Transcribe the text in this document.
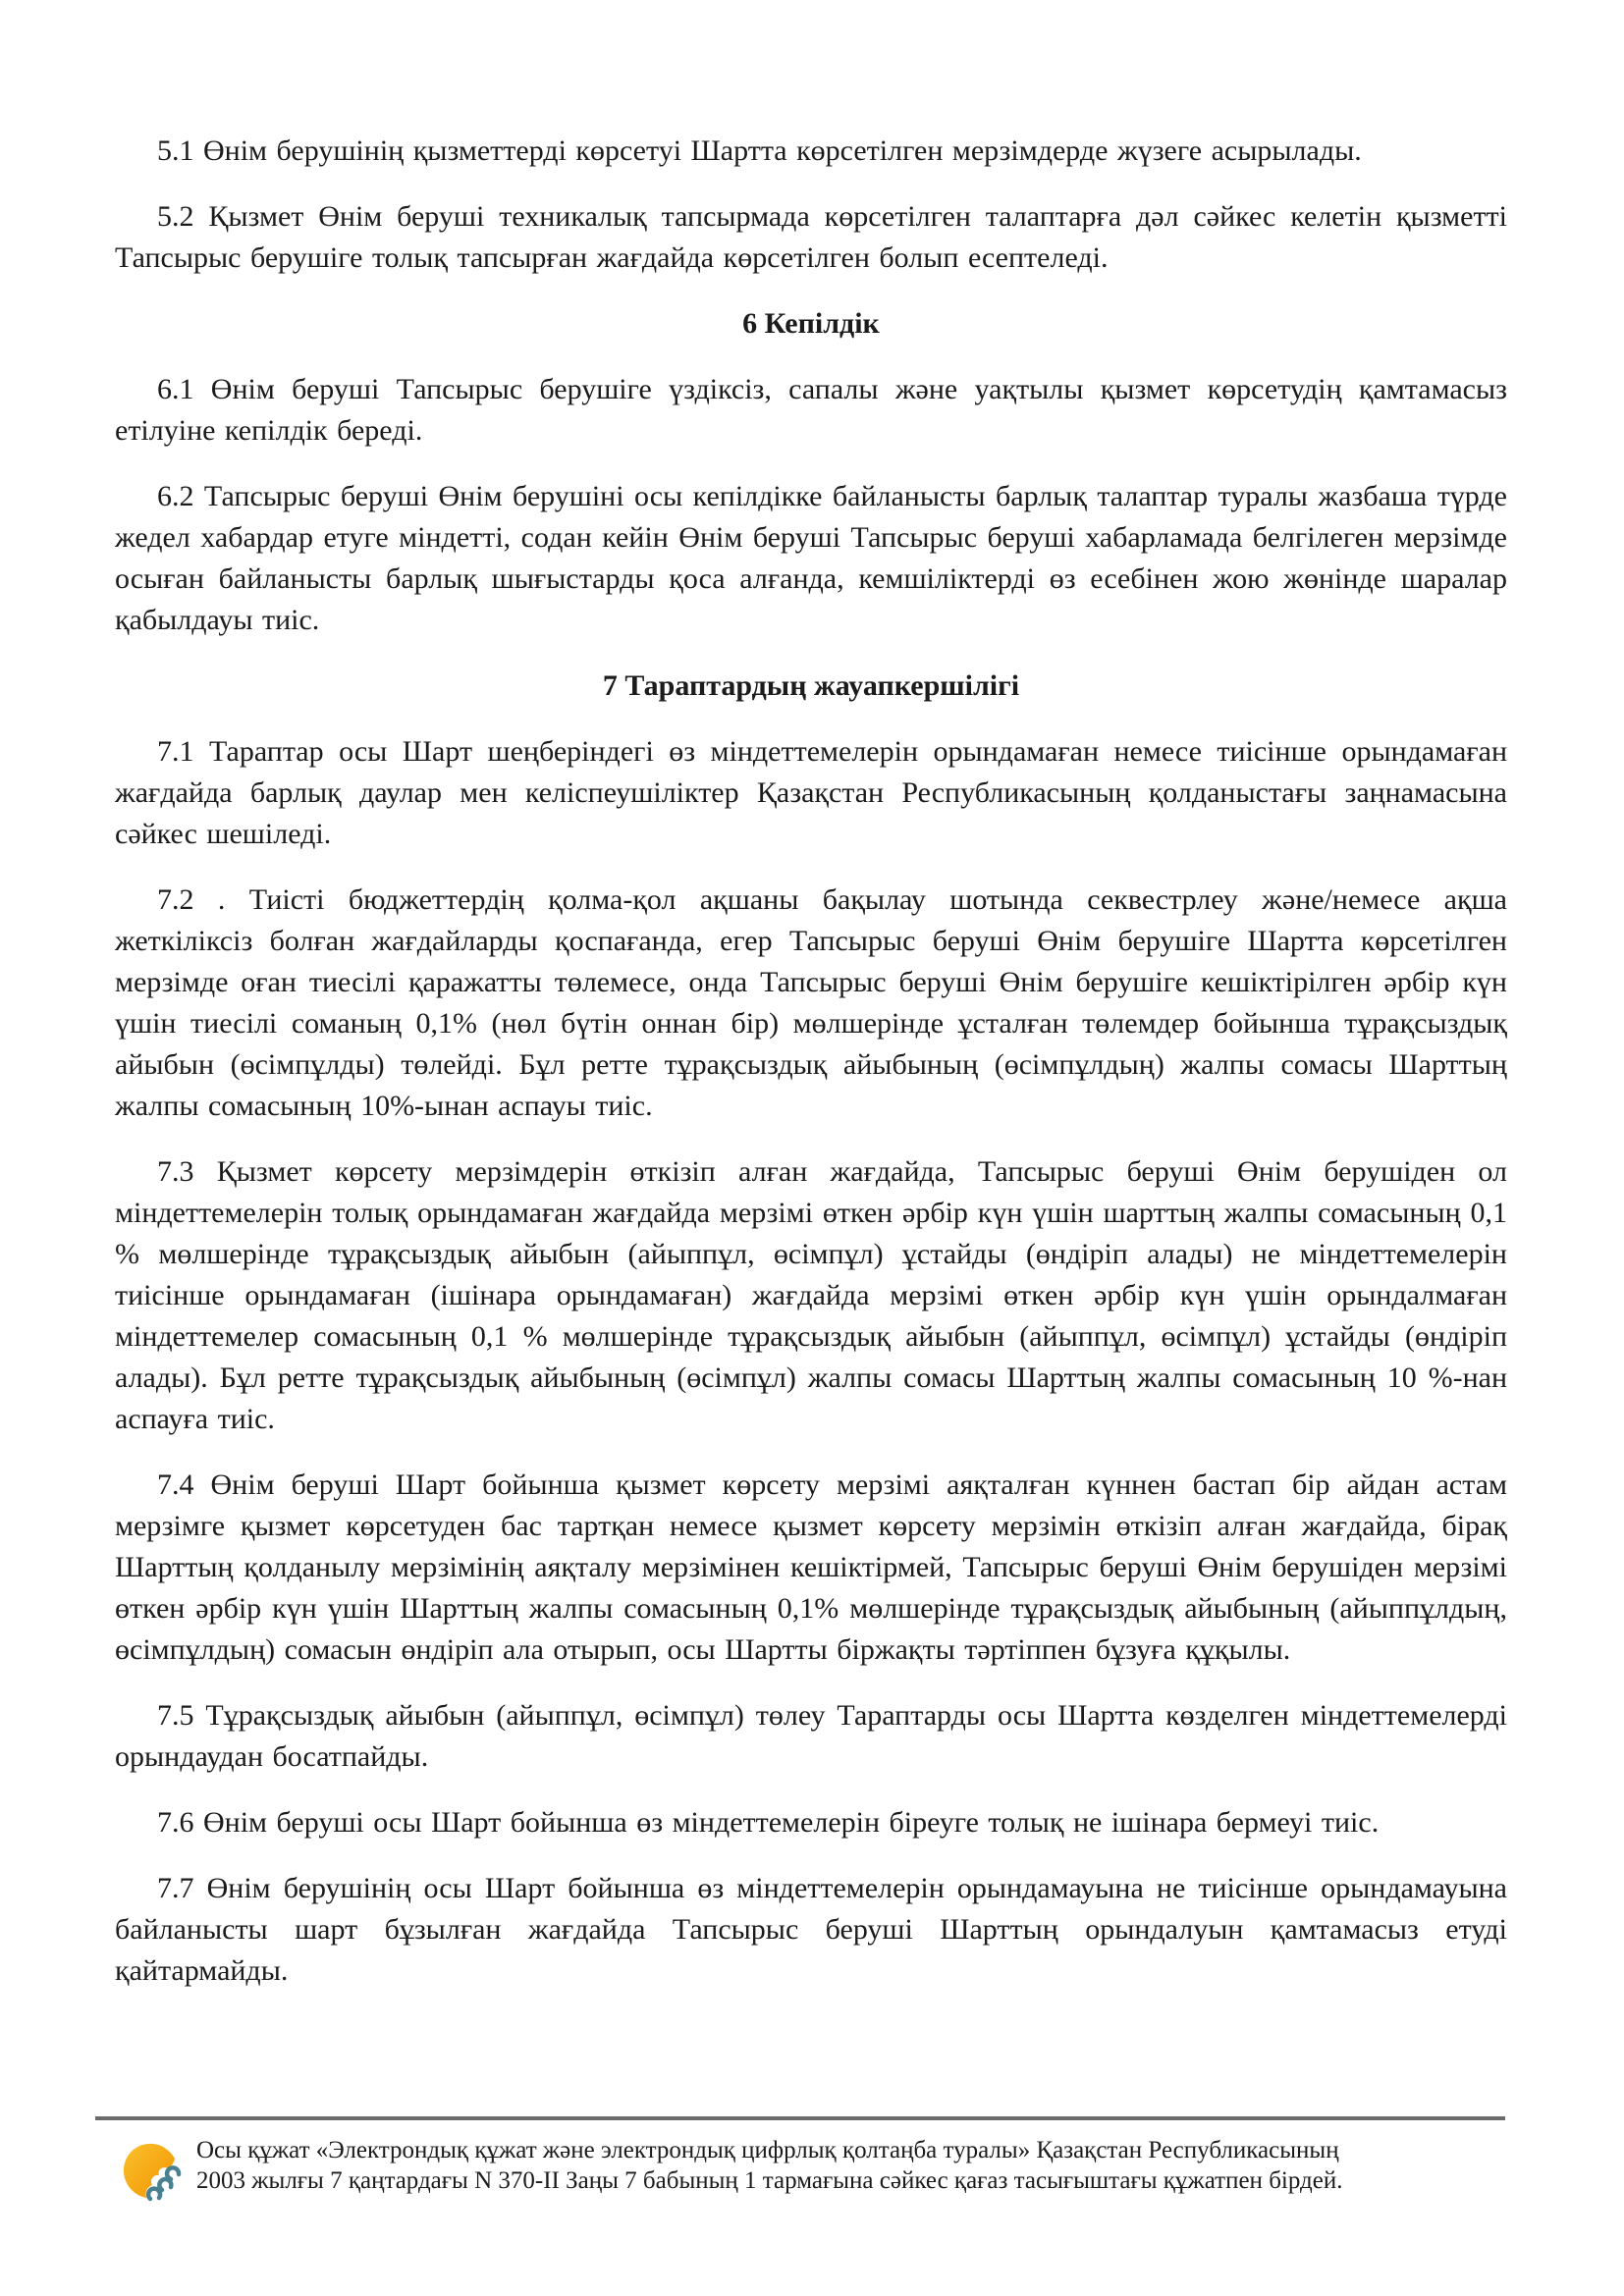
5.1 Өнім берушінің қызметтерді көрсетуі Шартта көрсетілген мерзімдерде жүзеге асырылады.

5.2 Қызмет Өнім беруші техникалық тапсырмада көрсетілген талаптарға дәл сәйкес келетін қызметті Тапсырыс берушіге толық тапсырған жағдайда көрсетілген болып есептеледі.

6 Кепілдік

6.1 Өнім беруші Тапсырыс берушіге үздіксіз, сапалы және уақтылы қызмет көрсетудің қамтамасыз етілуіне кепілдік береді.

6.2 Тапсырыс беруші Өнім берушіні осы кепілдікке байланысты барлық талаптар туралы жазбаша түрде жедел хабардар етуге міндетті, содан кейін Өнім беруші Тапсырыс беруші хабарламада белгілеген мерзімде осыған байланысты барлық шығыстарды қоса алғанда, кемшіліктерді өз есебінен жою жөнінде шаралар қабылдауы тиіс.

7 Тараптардың жауапкершілігі

7.1 Тараптар осы Шарт шеңберіндегі өз міндеттемелерін орындамаған немесе тиісінше орындамаған жағдайда барлық даулар мен келіспеушіліктер Қазақстан Республикасының қолданыстағы заңнамасына сәйкес шешіледі.

7.2 . Тиісті бюджеттердің қолма-қол ақшаны бақылау шотында секвестрлеу және/немесе ақша жеткіліксіз болған жағдайларды қоспағанда, егер Тапсырыс беруші Өнім берушіге Шартта көрсетілген мерзімде оған тиесілі қаражатты төлемесе, онда Тапсырыс беруші Өнім берушіге кешіктірілген әрбір күн үшін тиесілі соманың 0,1% (нөл бүтін оннан бір) мөлшерінде ұсталған төлемдер бойынша тұрақсыздық айыбын (өсімпұлды) төлейді. Бұл ретте тұрақсыздық айыбының (өсімпұлдың) жалпы сомасы Шарттың жалпы сомасының 10%-ынан аспауы тиіс.

7.3 Қызмет көрсету мерзімдерін өткізіп алған жағдайда, Тапсырыс беруші Өнім берушіден ол міндеттемелерін толық орындамаған жағдайда мерзімі өткен әрбір күн үшін шарттың жалпы сомасының 0,1 % мөлшерінде тұрақсыздық айыбын (айыппұл, өсімпұл) ұстайды (өндіріп алады) не міндеттемелерін тиісінше орындамаған (ішінара орындамаған) жағдайда мерзімі өткен әрбір күн үшін орындалмаған міндеттемелер сомасының 0,1 % мөлшерінде тұрақсыздық айыбын (айыппұл, өсімпұл) ұстайды (өндіріп алады). Бұл ретте тұрақсыздық айыбының (өсімпұл) жалпы сомасы Шарттың жалпы сомасының 10 %-нан аспауға тиіс.

7.4 Өнім беруші Шарт бойынша қызмет көрсету мерзімі аяқталған күннен бастап бір айдан астам мерзімге қызмет көрсетуден бас тартқан немесе қызмет көрсету мерзімін өткізіп алған жағдайда, бірақ Шарттың қолданылу мерзімінің аяқталу мерзімінен кешіктірмей, Тапсырыс беруші Өнім берушіден мерзімі өткен әрбір күн үшін Шарттың жалпы сомасының 0,1% мөлшерінде тұрақсыздық айыбының (айыппұлдың, өсімпұлдың) сомасын өндіріп ала отырып, осы Шартты біржақты тәртіппен бұзуға құқылы.

7.5 Тұрақсыздық айыбын (айыппұл, өсімпұл) төлеу Тараптарды осы Шартта көзделген міндеттемелерді орындаудан босатпайды.

7.6 Өнім беруші осы Шарт бойынша өз міндеттемелерін біреуге толық не ішінара бермеуі тиіс.

7.7 Өнім берушінің осы Шарт бойынша өз міндеттемелерін орындамауына не тиісінше орындамауына байланысты шарт бұзылған жағдайда Тапсырыс беруші Шарттың орындалуын қамтамасыз етуді қайтармайды.

Осы құжат «Электрондық құжат және электрондық цифрлық қолтаңба туралы» Қазақстан Республикасының 2003 жылғы 7 қаңтардағы N 370-II Заңы 7 бабының 1 тармағына сәйкес қағаз тасығыштағы құжатпен бірдей.
